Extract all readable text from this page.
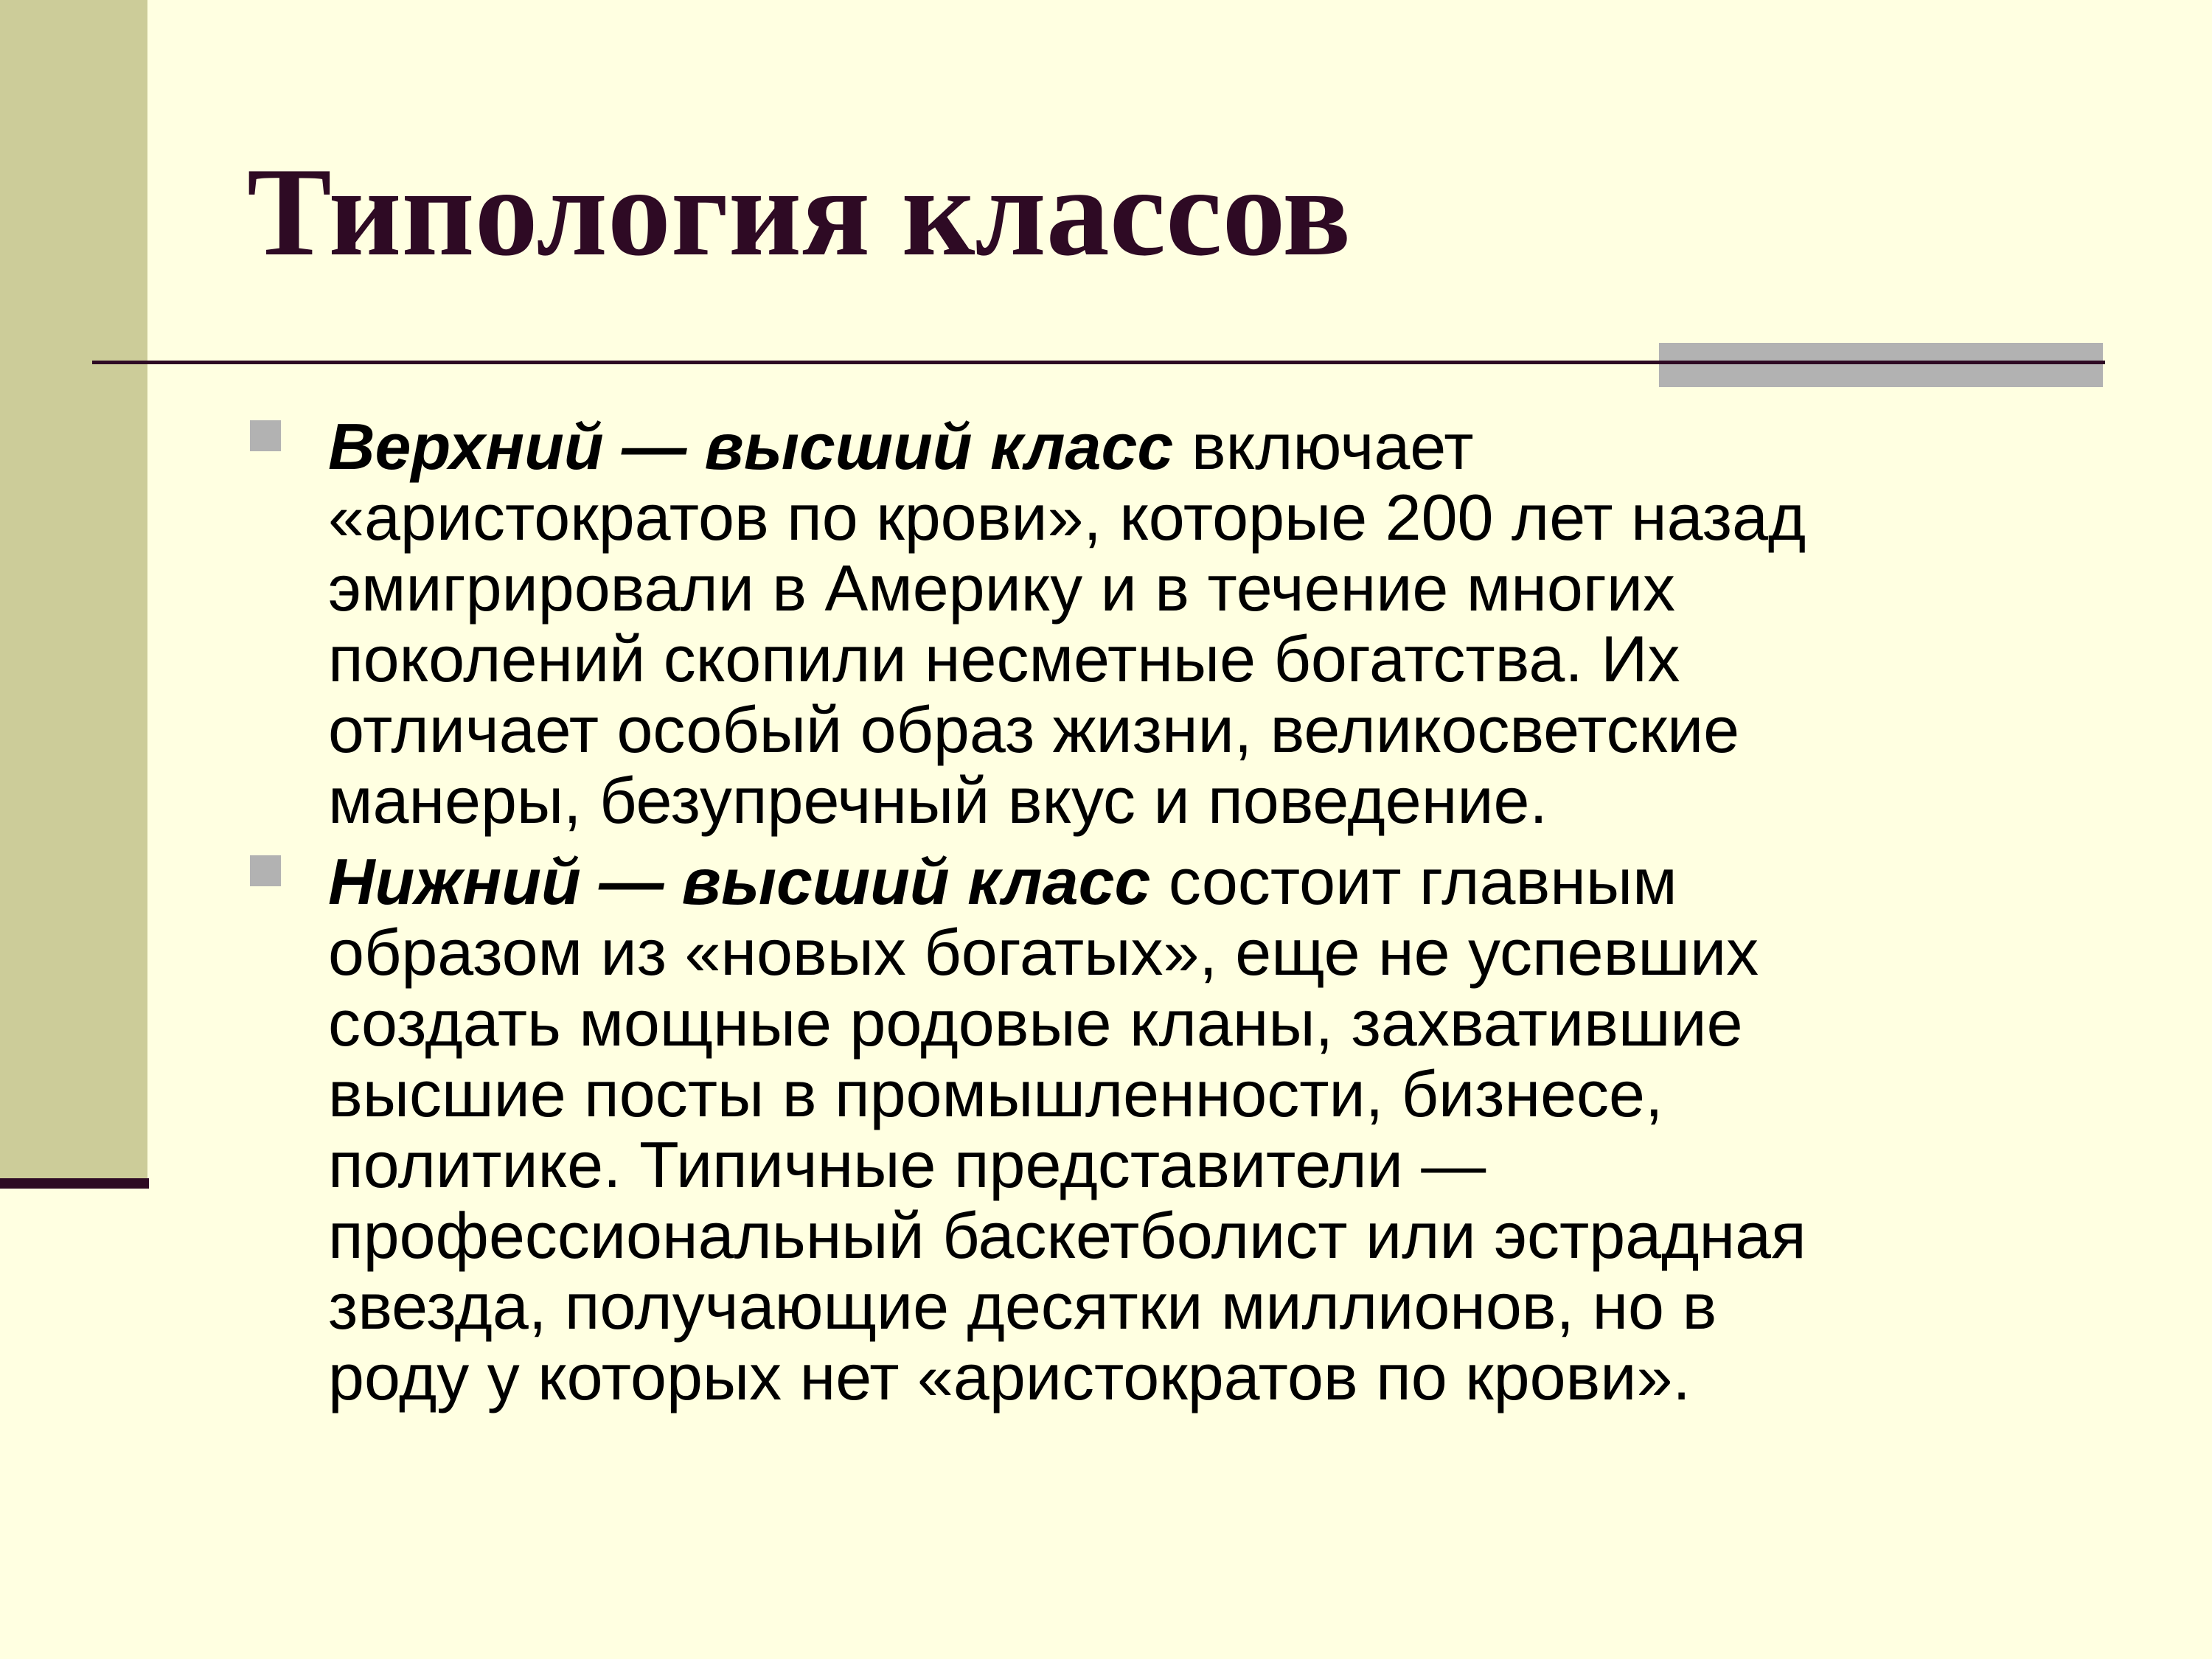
Типология классов
Верхний — высший класс включает
«аристократов по крови», которые 200 лет назад
эмигрировали в Америку и в течение многих
поколений скопили несметные богатства. Их
отличает особый образ жизни, великосветские
манеры, безупречный вкус и поведение.
Нижний — высший класс состоит главным
образом из «новых богатых», еще не успевших
создать мощные родовые кланы, захватившие
высшие посты в промышленности, бизнесе,
политике. Типичные представители —
профессиональный баскетболист или эстрадная
звезда, получающие десятки миллионов, но в
роду у которых нет «аристократов по крови».
